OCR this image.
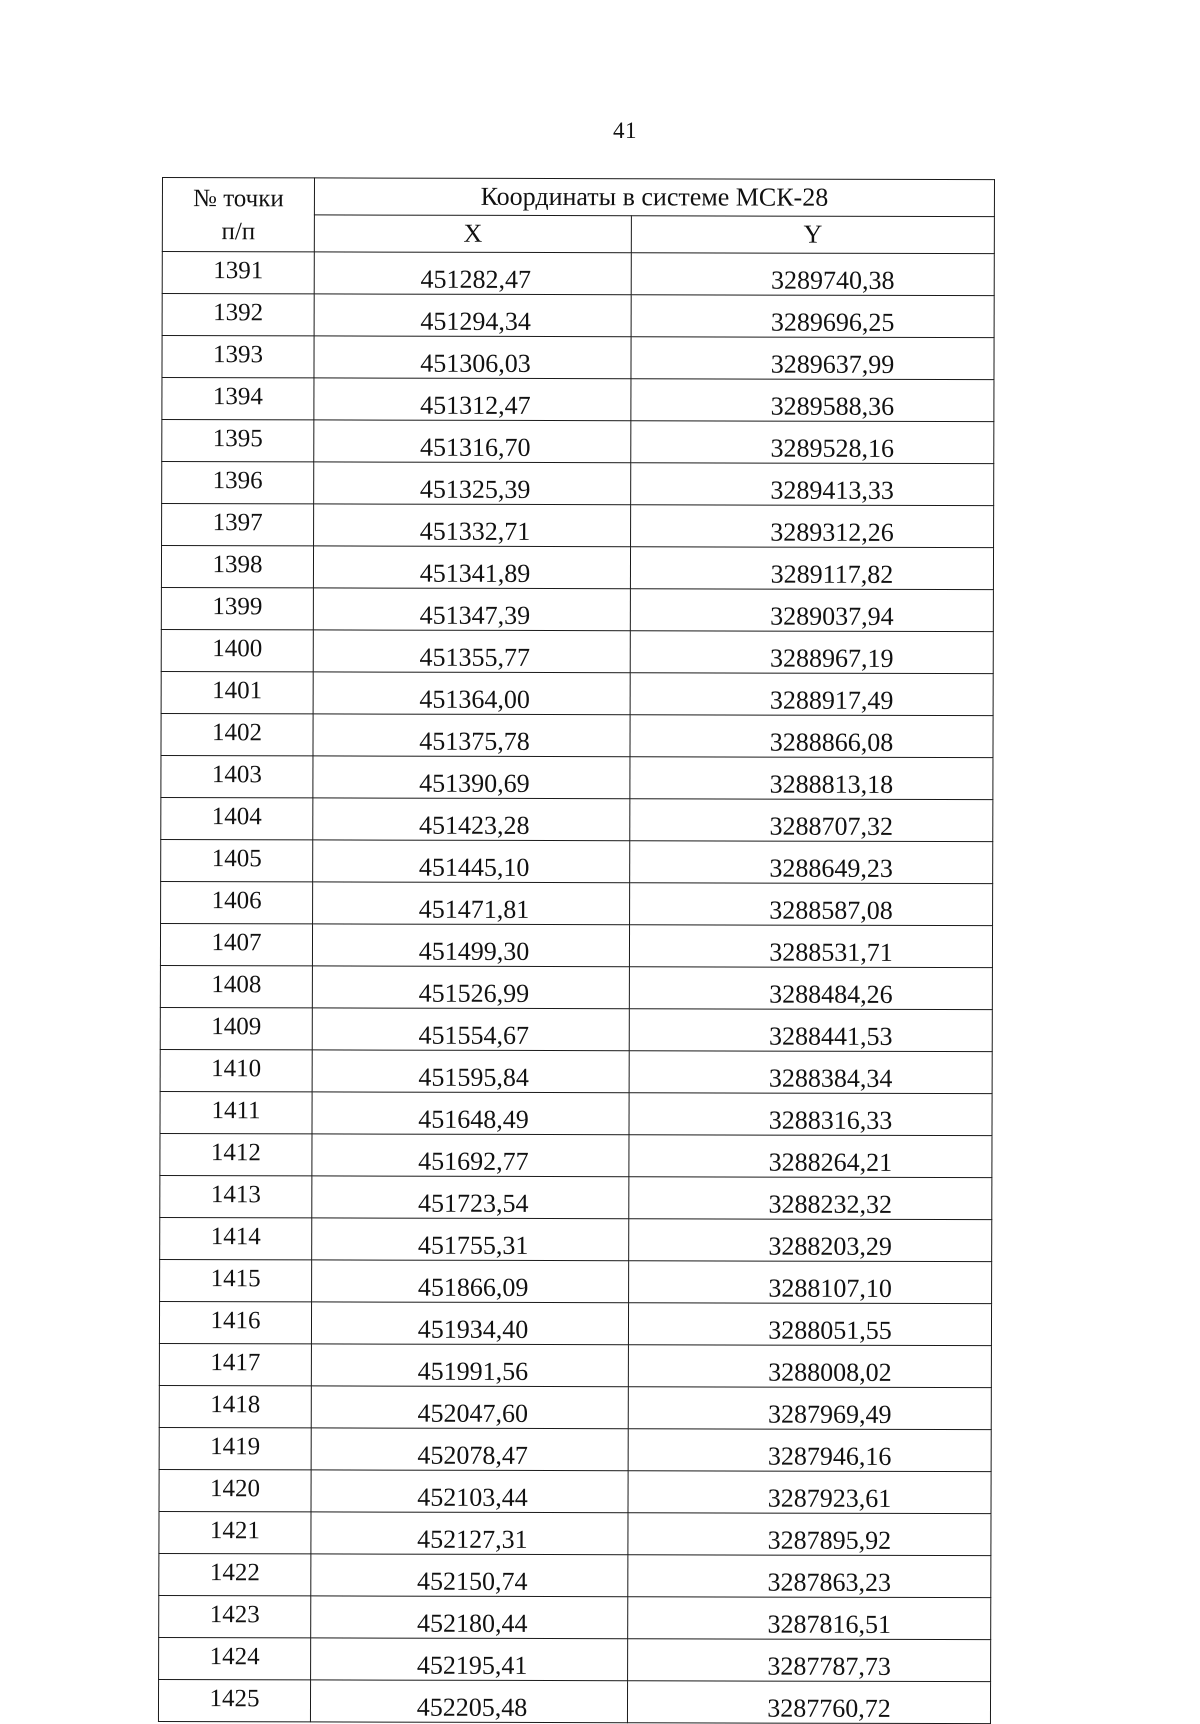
41
№ точки
п/п	Координаты в системе МСК-28	
	X	Y
1391	451282,47	3289740,38
1392	451294,34	3289696,25
1393	451306,03	3289637,99
1394	451312,47	3289588,36
1395	451316,70	3289528,16
1396	451325,39	3289413,33
1397	451332,71	3289312,26
1398	451341,89	3289117,82
1399	451347,39	3289037,94
1400	451355,77	3288967,19
1401	451364,00	3288917,49
1402	451375,78	3288866,08
1403	451390,69	3288813,18
1404	451423,28	3288707,32
1405	451445,10	3288649,23
1406	451471,81	3288587,08
1407	451499,30	3288531,71
1408	451526,99	3288484,26
1409	451554,67	3288441,53
1410	451595,84	3288384,34
1411	451648,49	3288316,33
1412	451692,77	3288264,21
1413	451723,54	3288232,32
1414	451755,31	3288203,29
1415	451866,09	3288107,10
1416	451934,40	3288051,55
1417	451991,56	3288008,02
1418	452047,60	3287969,49
1419	452078,47	3287946,16
1420	452103,44	3287923,61
1421	452127,31	3287895,92
1422	452150,74	3287863,23
1423	452180,44	3287816,51
1424	452195,41	3287787,73
1425	452205,48	3287760,72
